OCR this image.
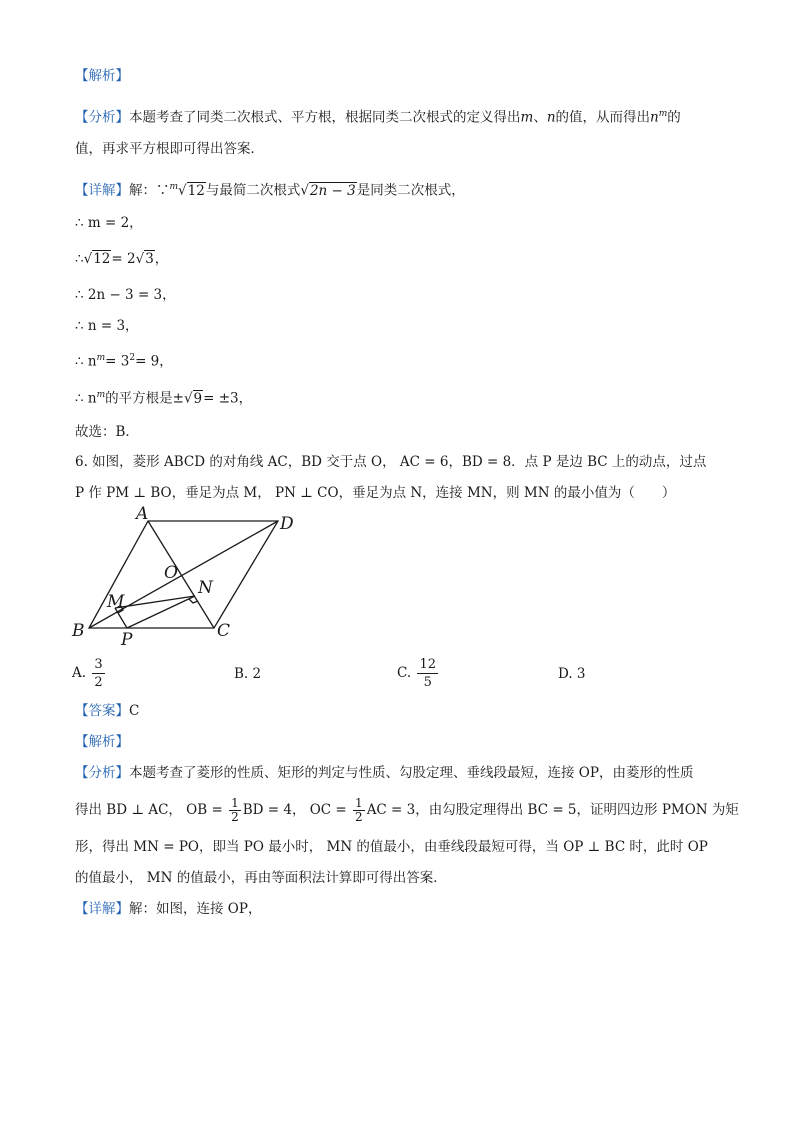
【解析】
【分析】本题考查了同类二次根式、平方根，根据同类二次根式的定义得出m、n的值，从而得出$n^m$的
值，再求平方根即可得出答案．
【详解】解：∵$^m$√12与最简二次根式√2n − 3是同类二次根式，
∴ m = 2，
∴√12= 2√3，
∴ 2n − 3 = 3，
∴ n = 3，
∴ $n^m= 3^2= 9$，
∴ $n^m$的平方根是±√9= ±3，
故选：B．
6. 如图，菱形 ABCD 的对角线 AC，BD 交于点 O， AC = 6，BD = 8．点 P 是边 BC 上的动点，过点
P 作 PM ⊥ BO，垂足为点 M， PN ⊥ CO，垂足为点 N，连接 MN，则 MN 的最小值为（　　）
A	D
O
N
M
B P	C
A. $\frac{3}{2}$	B. 2	C. $\frac{12}{5}$	D. 3
【答案】C
【解析】
【分析】本题考查了菱形的性质、矩形的判定与性质、勾股定理、垂线段最短，连接 OP，由菱形的性质
得出 BD ⊥ AC， OB = $\frac{1}{2}$ BD = 4， OC = $\frac{1}{2}$ AC = 3，由勾股定理得出 BC = 5，证明四边形 PMON 为矩
形，得出 MN = PO，即当 PO 最小时， MN 的值最小，由垂线段最短可得，当 OP ⊥ BC 时，此时 OP
的值最小， MN 的值最小，再由等面积法计算即可得出答案．
【详解】解：如图，连接 OP，
